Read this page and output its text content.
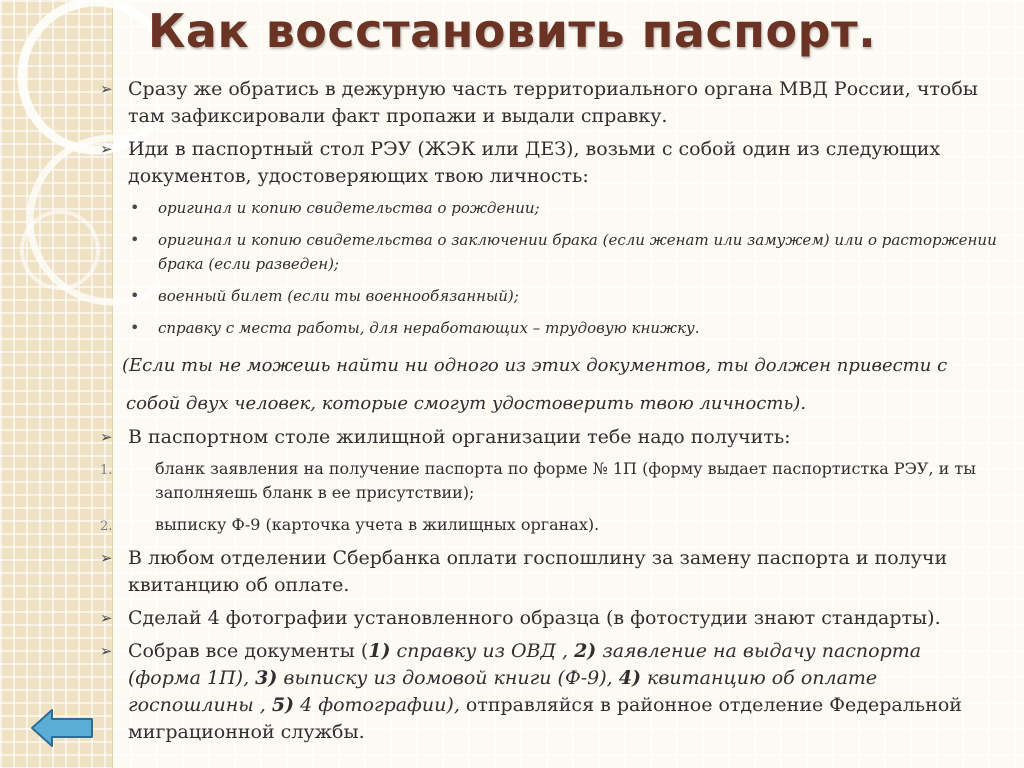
Как восстановить паспорт.
➢ Сразу же обратись в дежурную часть территориального органа МВД России, чтобы там зафиксировали факт пропажи и выдали справку.
➢ Иди в паспортный стол РЭУ (ЖЭК или ДЕЗ), возьми с собой один из следующих документов, удостоверяющих твою личность:
• оригинал и копию свидетельства о рождении;
• оригинал и копию свидетельства о заключении брака (если женат или замужем) или о расторжении брака (если разведен);
• военный билет (если ты военнообязанный);
• справку с места работы, для неработающих – трудовую книжку.
(Если ты не можешь найти ни одного из этих документов, ты должен привести с
собой двух человек, которые смогут удостоверить твою личность).
➢ В паспортном столе жилищной организации тебе надо получить:
1.	бланк заявления на получение паспорта по форме № 1П (форму выдает паспортистка РЭУ, и ты заполняешь бланк в ее присутствии);
2.	выписку Ф-9 (карточка учета в жилищных органах).
➢ В любом отделении Сбербанка оплати госпошлину за замену паспорта и получи квитанцию об оплате.
➢ Сделай 4 фотографии установленного образца (в фотостудии знают стандарты).
➢ Собрав все документы (1) справку из ОВД , 2) заявление на выдачу паспорта (форма 1П), 3) выписку из домовой книги (Ф-9), 4) квитанцию об оплате госпошлины , 5) 4 фотографии), отправляйся в районное отделение Федеральной миграционной службы.
